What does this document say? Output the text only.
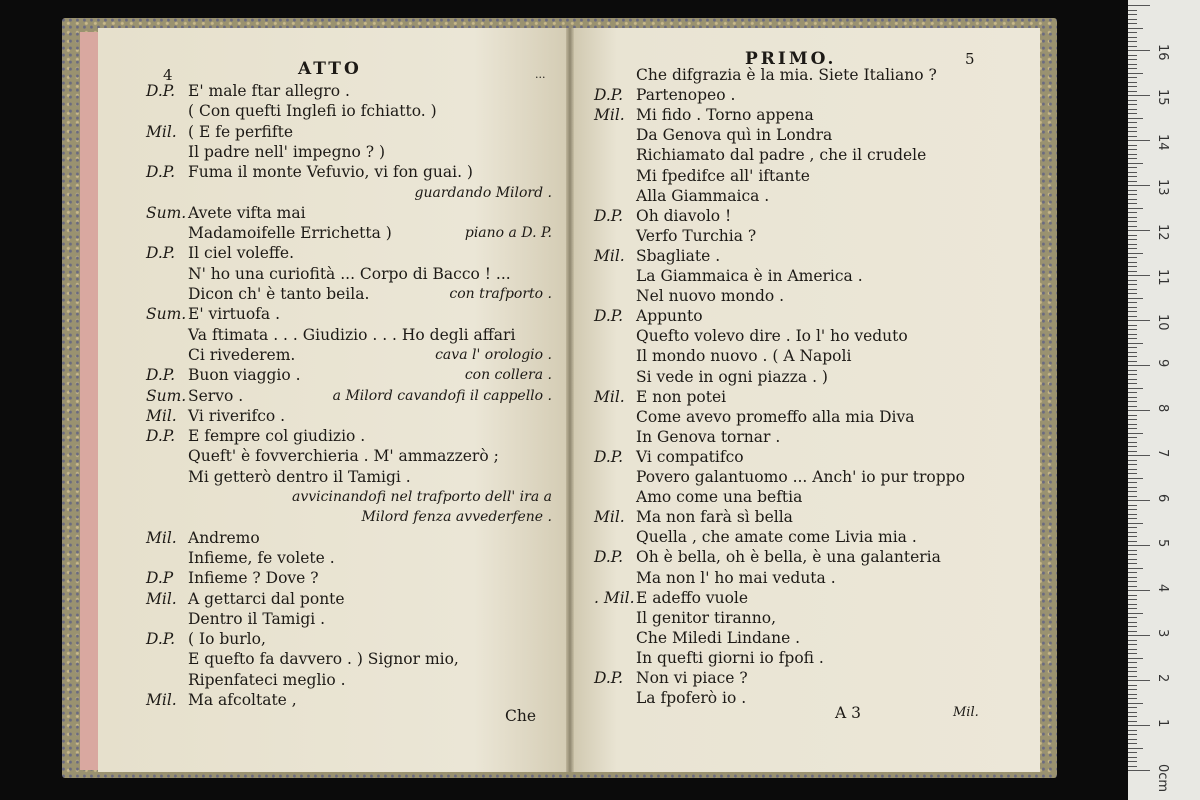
4	ATTO	...
PRIMO.	5
D.P. E' male ftar allegro .
( Con quefti Inglefi io fchiatto. )
Mil. ( E fe perfifte
Il padre nell' impegno ? )
D.P. Fuma il monte Vefuvio, vi fon guai. )
guardando Milord .
Sum. Avete vifta mai
Madamoifelle Errichetta )	piano a D. P.
D.P. Il ciel voleffe.
N' ho una curiofità ... Corpo di Bacco ! ...
Dicon ch' è tanto beila.	con trafporto .
Sum. E' virtuofa .
Va ftimata . . . Giudizio . . . Ho degli affari
Ci rivederem.	cava l' orologio .
D.P. Buon viaggio .	con collera .
Sum. Servo .	a Milord cavandofi il cappello .
Mil. Vi riverifco .
D.P. E fempre col giudizio .
Queft' è fovverchieria . M' ammazzerò ;
Mi getterò dentro il Tamigi .
avvicinandofi nel trafporto dell' ira a
Milord fenza avvederfene .
Mil. Andremo
Infieme, fe volete .
D.P Infieme ? Dove ?
Mil. A gettarci dal ponte
Dentro il Tamigi .
D.P. ( Io burlo,
E quefto fa davvero . ) Signor mio,
Ripenfateci meglio .
Mil. Ma afcoltate ,
Che difgrazia è la mia. Siete Italiano ?
D.P. Partenopeo .
Mil. Mi fido . Torno appena
Da Genova quì in Londra
Richiamato dal padre , che il crudele
Mi fpedifce all' iftante
Alla Giammaica .
D.P. Oh diavolo !
Verfo Turchia ?
Mil. Sbagliate .
La Giammaica è in America .
Nel nuovo mondo .
D.P. Appunto
Quefto volevo dire . Io l' ho veduto
Il mondo nuovo . ( A Napoli
Si vede in ogni piazza . )
Mil. E non potei
Come avevo promeffo alla mia Diva
In Genova tornar .
D.P. Vi compatifco
Povero galantuomo ... Anch' io pur troppo
Amo come una beftia
Mil. Ma non farà sì bella
Quella , che amate come Livia mia .
D.P. Oh è bella, oh è bella, è una galanteria
Ma non l' ho mai veduta .
. Mil. E adeffo vuole
Il genitor tiranno,
Che Miledi Lindane .
In quefti giorni io fpofi .
D.P. Non vi piace ?
La fpoferò io .
Che	A 3	Mil.
0cm
1
2
3
4
5
6
7
8
9
10
11
12
13
14
15
16
